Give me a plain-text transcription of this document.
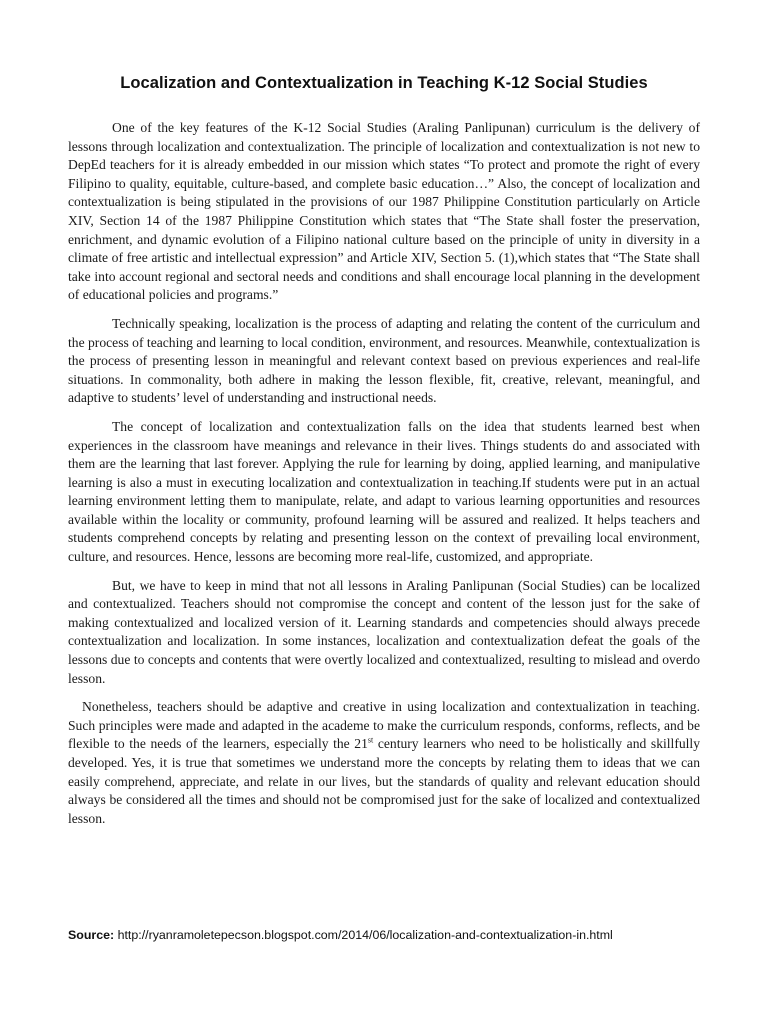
Localization and Contextualization in Teaching K-12 Social Studies

One of the key features of the K-12 Social Studies (Araling Panlipunan) curriculum is the delivery of lessons through localization and contextualization. The principle of localization and contextualization is not new to DepEd teachers for it is already embedded in our mission which states “To protect and promote the right of every Filipino to quality, equitable, culture-based, and complete basic education…” Also, the concept of localization and contextualization is being stipulated in the provisions of our 1987 Philippine Constitution particularly on Article XIV, Section 14 of the 1987 Philippine Constitution which states that “The State shall foster the preservation, enrichment, and dynamic evolution of a Filipino national culture based on the principle of unity in diversity in a climate of free artistic and intellectual expression” and Article XIV, Section 5. (1),which states that “The State shall take into account regional and sectoral needs and conditions and shall encourage local planning in the development of educational policies and programs.”

Technically speaking, localization is the process of adapting and relating the content of the curriculum and the process of teaching and learning to local condition, environment, and resources. Meanwhile, contextualization is the process of presenting lesson in meaningful and relevant context based on previous experiences and real-life situations. In commonality, both adhere in making the lesson flexible, fit, creative, relevant, meaningful, and adaptive to students’ level of understanding and instructional needs.

The concept of localization and contextualization falls on the idea that students learned best when experiences in the classroom have meanings and relevance in their lives. Things students do and associated with them are the learning that last forever. Applying the rule for learning by doing, applied learning, and manipulative learning is also a must in executing localization and contextualization in teaching.If students were put in an actual learning environment letting them to manipulate, relate, and adapt to various learning opportunities and resources available within the locality or community, profound learning will be assured and realized. It helps teachers and students comprehend concepts by relating and presenting lesson on the context of prevailing local environment, culture, and resources. Hence, lessons are becoming more real-life, customized, and appropriate.

But, we have to keep in mind that not all lessons in Araling Panlipunan (Social Studies) can be localized and contextualized. Teachers should not compromise the concept and content of the lesson just for the sake of making contextualized and localized version of it. Learning standards and competencies should always precede contextualization and localization. In some instances, localization and contextualization defeat the goals of the lessons due to concepts and contents that were overtly localized and contextualized, resulting to mislead and overdo lesson.

Nonetheless, teachers should be adaptive and creative in using localization and contextualization in teaching. Such principles were made and adapted in the academe to make the curriculum responds, conforms, reflects, and be flexible to the needs of the learners, especially the 21st century learners who need to be holistically and skillfully developed. Yes, it is true that sometimes we understand more the concepts by relating them to ideas that we can easily comprehend, appreciate, and relate in our lives, but the standards of quality and relevant education should always be considered all the times and should not be compromised just for the sake of localized and contextualized lesson.

Source: http://ryanramoletepecson.blogspot.com/2014/06/localization-and-contextualization-in.html
